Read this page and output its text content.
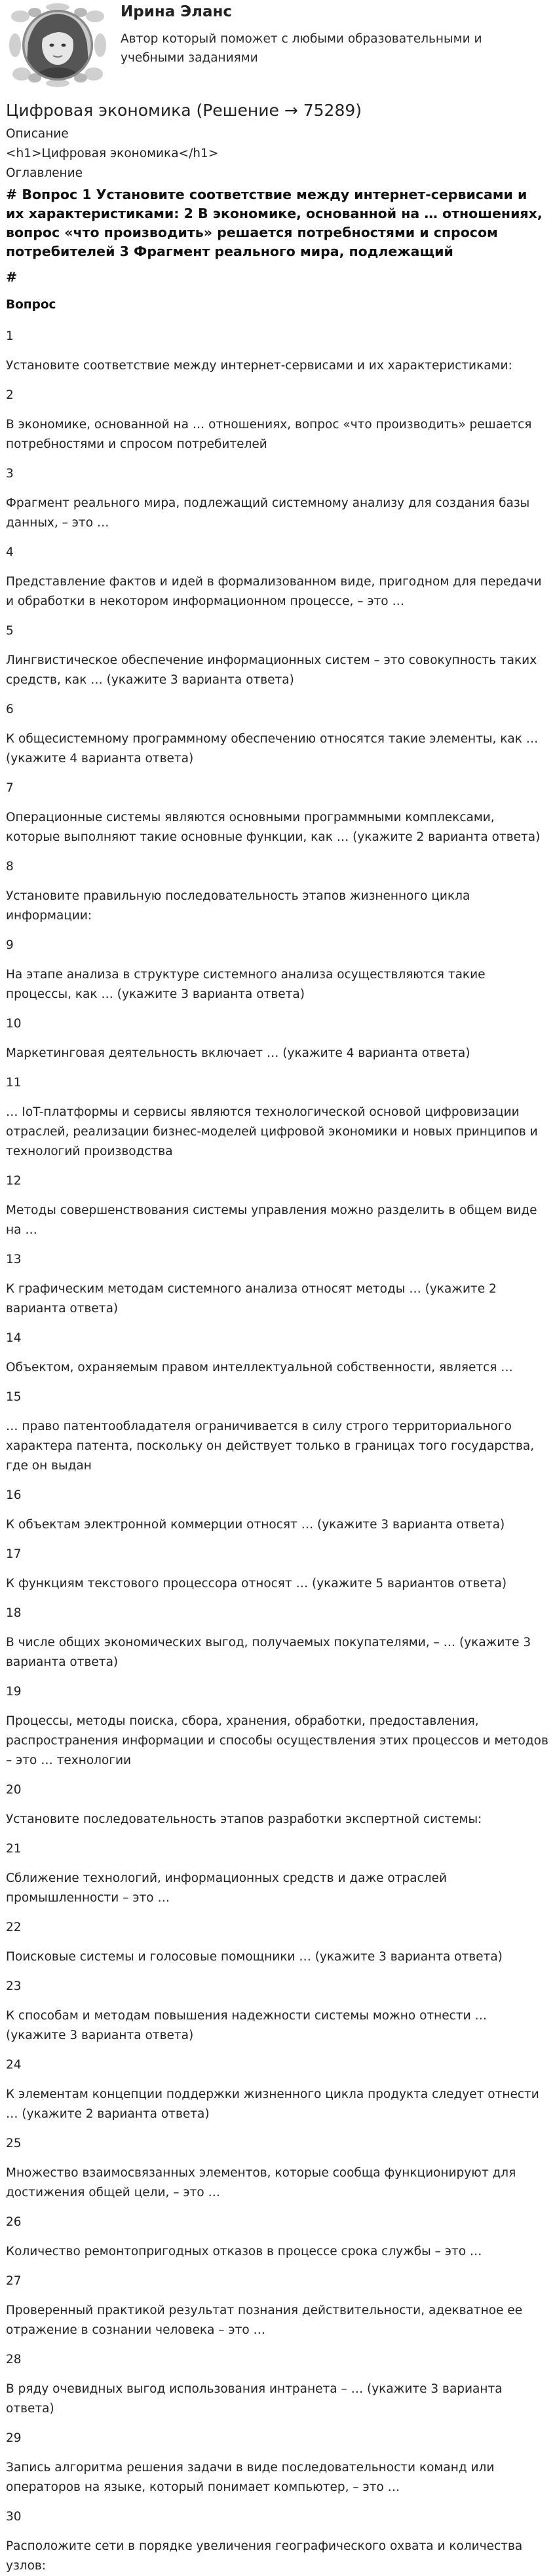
Ирина Эланс

Автор который поможет с любыми образовательными и учебными заданиями

Цифровая экономика (Решение → 75289)
Описание
<h1>Цифровая экономика</h1>
Оглавление
# Вопрос 1 Установите соответствие между интернет-сервисами и их характеристиками: 2 В экономике, основанной на … отношениях, вопрос «что производить» решается потребностями и спросом потребителей 3 Фрагмент реального мира, подлежащий
#
Вопрос
1
Установите соответствие между интернет-сервисами и их характеристиками:
2
В экономике, основанной на … отношениях, вопрос «что производить» решается потребностями и спросом потребителей
3
Фрагмент реального мира, подлежащий системному анализу для создания базы данных, – это …
4
Представление фактов и идей в формализованном виде, пригодном для передачи и обработки в некотором информационном процессе, – это …
5
Лингвистическое обеспечение информационных систем – это совокупность таких средств, как … (укажите 3 варианта ответа)
6
К общесистемному программному обеспечению относятся такие элементы, как … (укажите 4 варианта ответа)
7
Операционные системы являются основными программными комплексами, которые выполняют такие основные функции, как … (укажите 2 варианта ответа)
8
Установите правильную последовательность этапов жизненного цикла информации:
9
На этапе анализа в структуре системного анализа осуществляются такие процессы, как … (укажите 3 варианта ответа)
10
Маркетинговая деятельность включает … (укажите 4 варианта ответа)
11
… IoT-платформы и сервисы являются технологической основой цифровизации отраслей, реализации бизнес-моделей цифровой экономики и новых принципов и технологий производства
12
Методы совершенствования системы управления можно разделить в общем виде на …
13
К графическим методам системного анализа относят методы … (укажите 2 варианта ответа)
14
Объектом, охраняемым правом интеллектуальной собственности, является …
15
… право патентообладателя ограничивается в силу строго территориального характера патента, поскольку он действует только в границах того государства, где он выдан
16
К объектам электронной коммерции относят … (укажите 3 варианта ответа)
17
К функциям текстового процессора относят … (укажите 5 вариантов ответа)
18
В числе общих экономических выгод, получаемых покупателями, – … (укажите 3 варианта ответа)
19
Процессы, методы поиска, сбора, хранения, обработки, предоставления, распространения информации и способы осуществления этих процессов и методов – это … технологии
20
Установите последовательность этапов разработки экспертной системы:
21
Сближение технологий, информационных средств и даже отраслей промышленности – это …
22
Поисковые системы и голосовые помощники … (укажите 3 варианта ответа)
23
К способам и методам повышения надежности системы можно отнести … (укажите 3 варианта ответа)
24
К элементам концепции поддержки жизненного цикла продукта следует отнести … (укажите 2 варианта ответа)
25
Множество взаимосвязанных элементов, которые сообща функционируют для достижения общей цели, – это …
26
Количество ремонтопригодных отказов в процессе срока службы – это …
27
Проверенный практикой результат познания действительности, адекватное ее отражение в сознании человека – это …
28
В ряду очевидных выгод использования интранета – … (укажите 3 варианта ответа)
29
Запись алгоритма решения задачи в виде последовательности команд или операторов на языке, который понимает компьютер, – это …
30
Расположите сети в порядке увеличения географического охвата и количества узлов:
